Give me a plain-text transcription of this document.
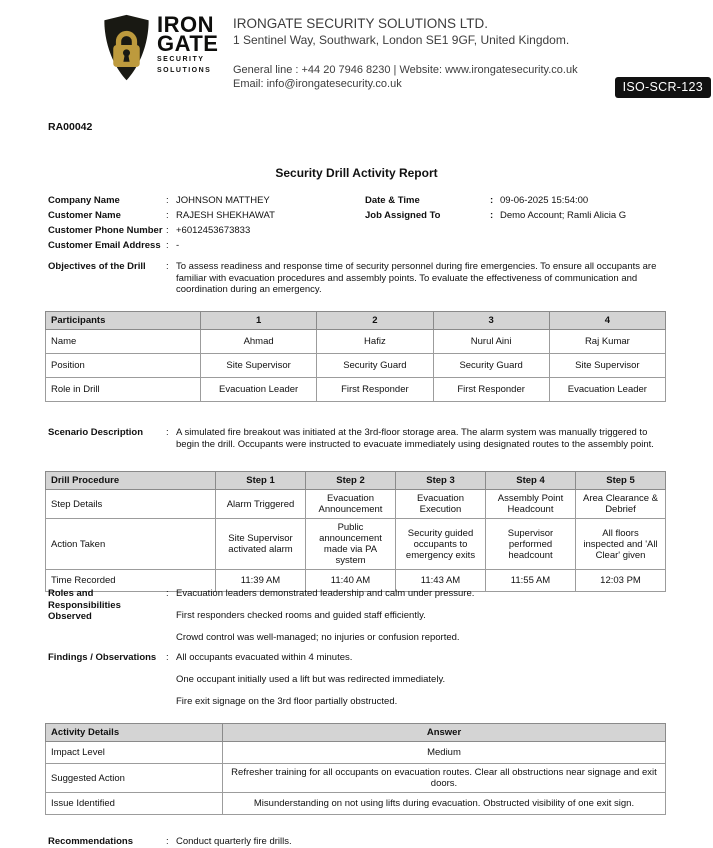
IRON
GATE
SECURITY
SOLUTIONS
IRONGATE SECURITY SOLUTIONS LTD.
1 Sentinel Way, Southwark, London SE1 9GF, United Kingdom.
General line : +44 20 7946 8230 | Website: www.irongatesecurity.co.uk
Email: info@irongatesecurity.co.uk	ISO-SCR-123
RA00042
Security Drill Activity Report
Company Name	: JOHNSON MATTHEY
Customer Name	: RAJESH SHEKHAWAT
Customer Phone Number : +6012453673833
Customer Email Address : -
Date & Time	: 09-06-2025 15:54:00
Job Assigned To	: Demo Account; Ramli Alicia G
Objectives of the Drill	: To assess readiness and response time of security personnel during fire emergencies. To ensure all occupants are familiar with evacuation procedures and assembly points. To evaluate the effectiveness of communication and coordination during an emergency.
Participants	1	2	3	4
Name	Ahmad	Hafiz	Nurul Aini	Raj Kumar
Position	Site Supervisor	Security Guard	Security Guard	Site Supervisor
Role in Drill	Evacuation Leader	First Responder	First Responder	Evacuation Leader
Scenario Description	: A simulated fire breakout was initiated at the 3rd-floor storage area. The alarm system was manually triggered to begin the drill. Occupants were instructed to evacuate immediately using designated routes to the assembly point.
Drill Procedure	Step 1	Step 2	Step 3	Step 4	Step 5
Step Details	Alarm Triggered	Evacuation Announcement	Evacuation Execution	Assembly Point Headcount	Area Clearance & Debrief
Action Taken	Site Supervisor activated alarm	Public announcement made via PA system	Security guided occupants to emergency exits	Supervisor performed headcount	All floors inspected and 'All Clear' given
Time Recorded	11:39 AM	11:40 AM	11:43 AM	11:55 AM	12:03 PM
Roles and Responsibilities Observed
: Evacuation leaders demonstrated leadership and calm under pressure.

First responders checked rooms and guided staff efficiently.

Crowd control was well-managed; no injuries or confusion reported.

Findings / Observations	: All occupants evacuated within 4 minutes.

One occupant initially used a lift but was redirected immediately.

Fire exit signage on the 3rd floor partially obstructed.

Activity Details	Answer
Impact Level	Medium
Suggested Action	Refresher training for all occupants on evacuation routes. Clear all obstructions near signage and exit doors.
Issue Identified	Misunderstanding on not using lifts during evacuation. Obstructed visibility of one exit sign.
Recommendations	: Conduct quarterly fire drills.
